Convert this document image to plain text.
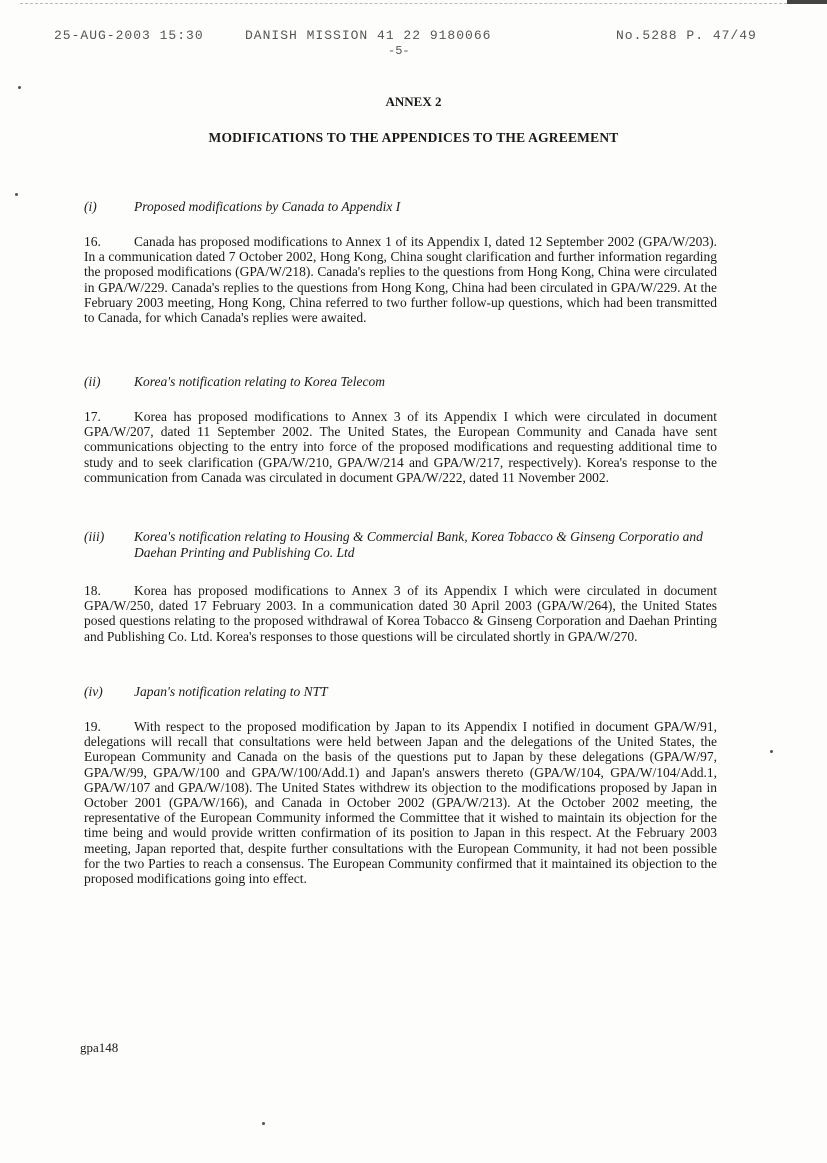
25-AUG-2003 15:30	DANISH MISSION 41 22 9180066	No.5288 P. 47/49
-5-
ANNEX 2
MODIFICATIONS TO THE APPENDICES TO THE AGREEMENT
(i)	Proposed modifications by Canada to Appendix I
16. Canada has proposed modifications to Annex 1 of its Appendix I, dated 12 September 2002 (GPA/W/203). In a communication dated 7 October 2002, Hong Kong, China sought clarification and further information regarding the proposed modifications (GPA/W/218). Canada's replies to the questions from Hong Kong, China were circulated in GPA/W/229. Canada's replies to the questions from Hong Kong, China had been circulated in GPA/W/229. At the February 2003 meeting, Hong Kong, China referred to two further follow-up questions, which had been transmitted to Canada, for which Canada's replies were awaited.
(ii) Korea's notification relating to Korea Telecom
17. Korea has proposed modifications to Annex 3 of its Appendix I which were circulated in document GPA/W/207, dated 11 September 2002. The United States, the European Community and Canada have sent communications objecting to the entry into force of the proposed modifications and requesting additional time to study and to seek clarification (GPA/W/210, GPA/W/214 and GPA/W/217, respectively). Korea's response to the communication from Canada was circulated in document GPA/W/222, dated 11 November 2002.
(iii) Korea's notification relating to Housing & Commercial Bank, Korea Tobacco & Ginseng Corporatio and Daehan Printing and Publishing Co. Ltd
18. Korea has proposed modifications to Annex 3 of its Appendix I which were circulated in document GPA/W/250, dated 17 February 2003. In a communication dated 30 April 2003 (GPA/W/264), the United States posed questions relating to the proposed withdrawal of Korea Tobacco & Ginseng Corporation and Daehan Printing and Publishing Co. Ltd. Korea's responses to those questions will be circulated shortly in GPA/W/270.
(iv) Japan's notification relating to NTT
19. With respect to the proposed modification by Japan to its Appendix I notified in document GPA/W/91, delegations will recall that consultations were held between Japan and the delegations of the United States, the European Community and Canada on the basis of the questions put to Japan by these delegations (GPA/W/97, GPA/W/99, GPA/W/100 and GPA/W/100/Add.1) and Japan's answers thereto (GPA/W/104, GPA/W/104/Add.1, GPA/W/107 and GPA/W/108). The United States withdrew its objection to the modifications proposed by Japan in October 2001 (GPA/W/166), and Canada in October 2002 (GPA/W/213). At the October 2002 meeting, the representative of the European Community informed the Committee that it wished to maintain its objection for the time being and would provide written confirmation of its position to Japan in this respect. At the February 2003 meeting, Japan reported that, despite further consultations with the European Community, it had not been possible for the two Parties to reach a consensus. The European Community confirmed that it maintained its objection to the proposed modifications going into effect.
gpa148
